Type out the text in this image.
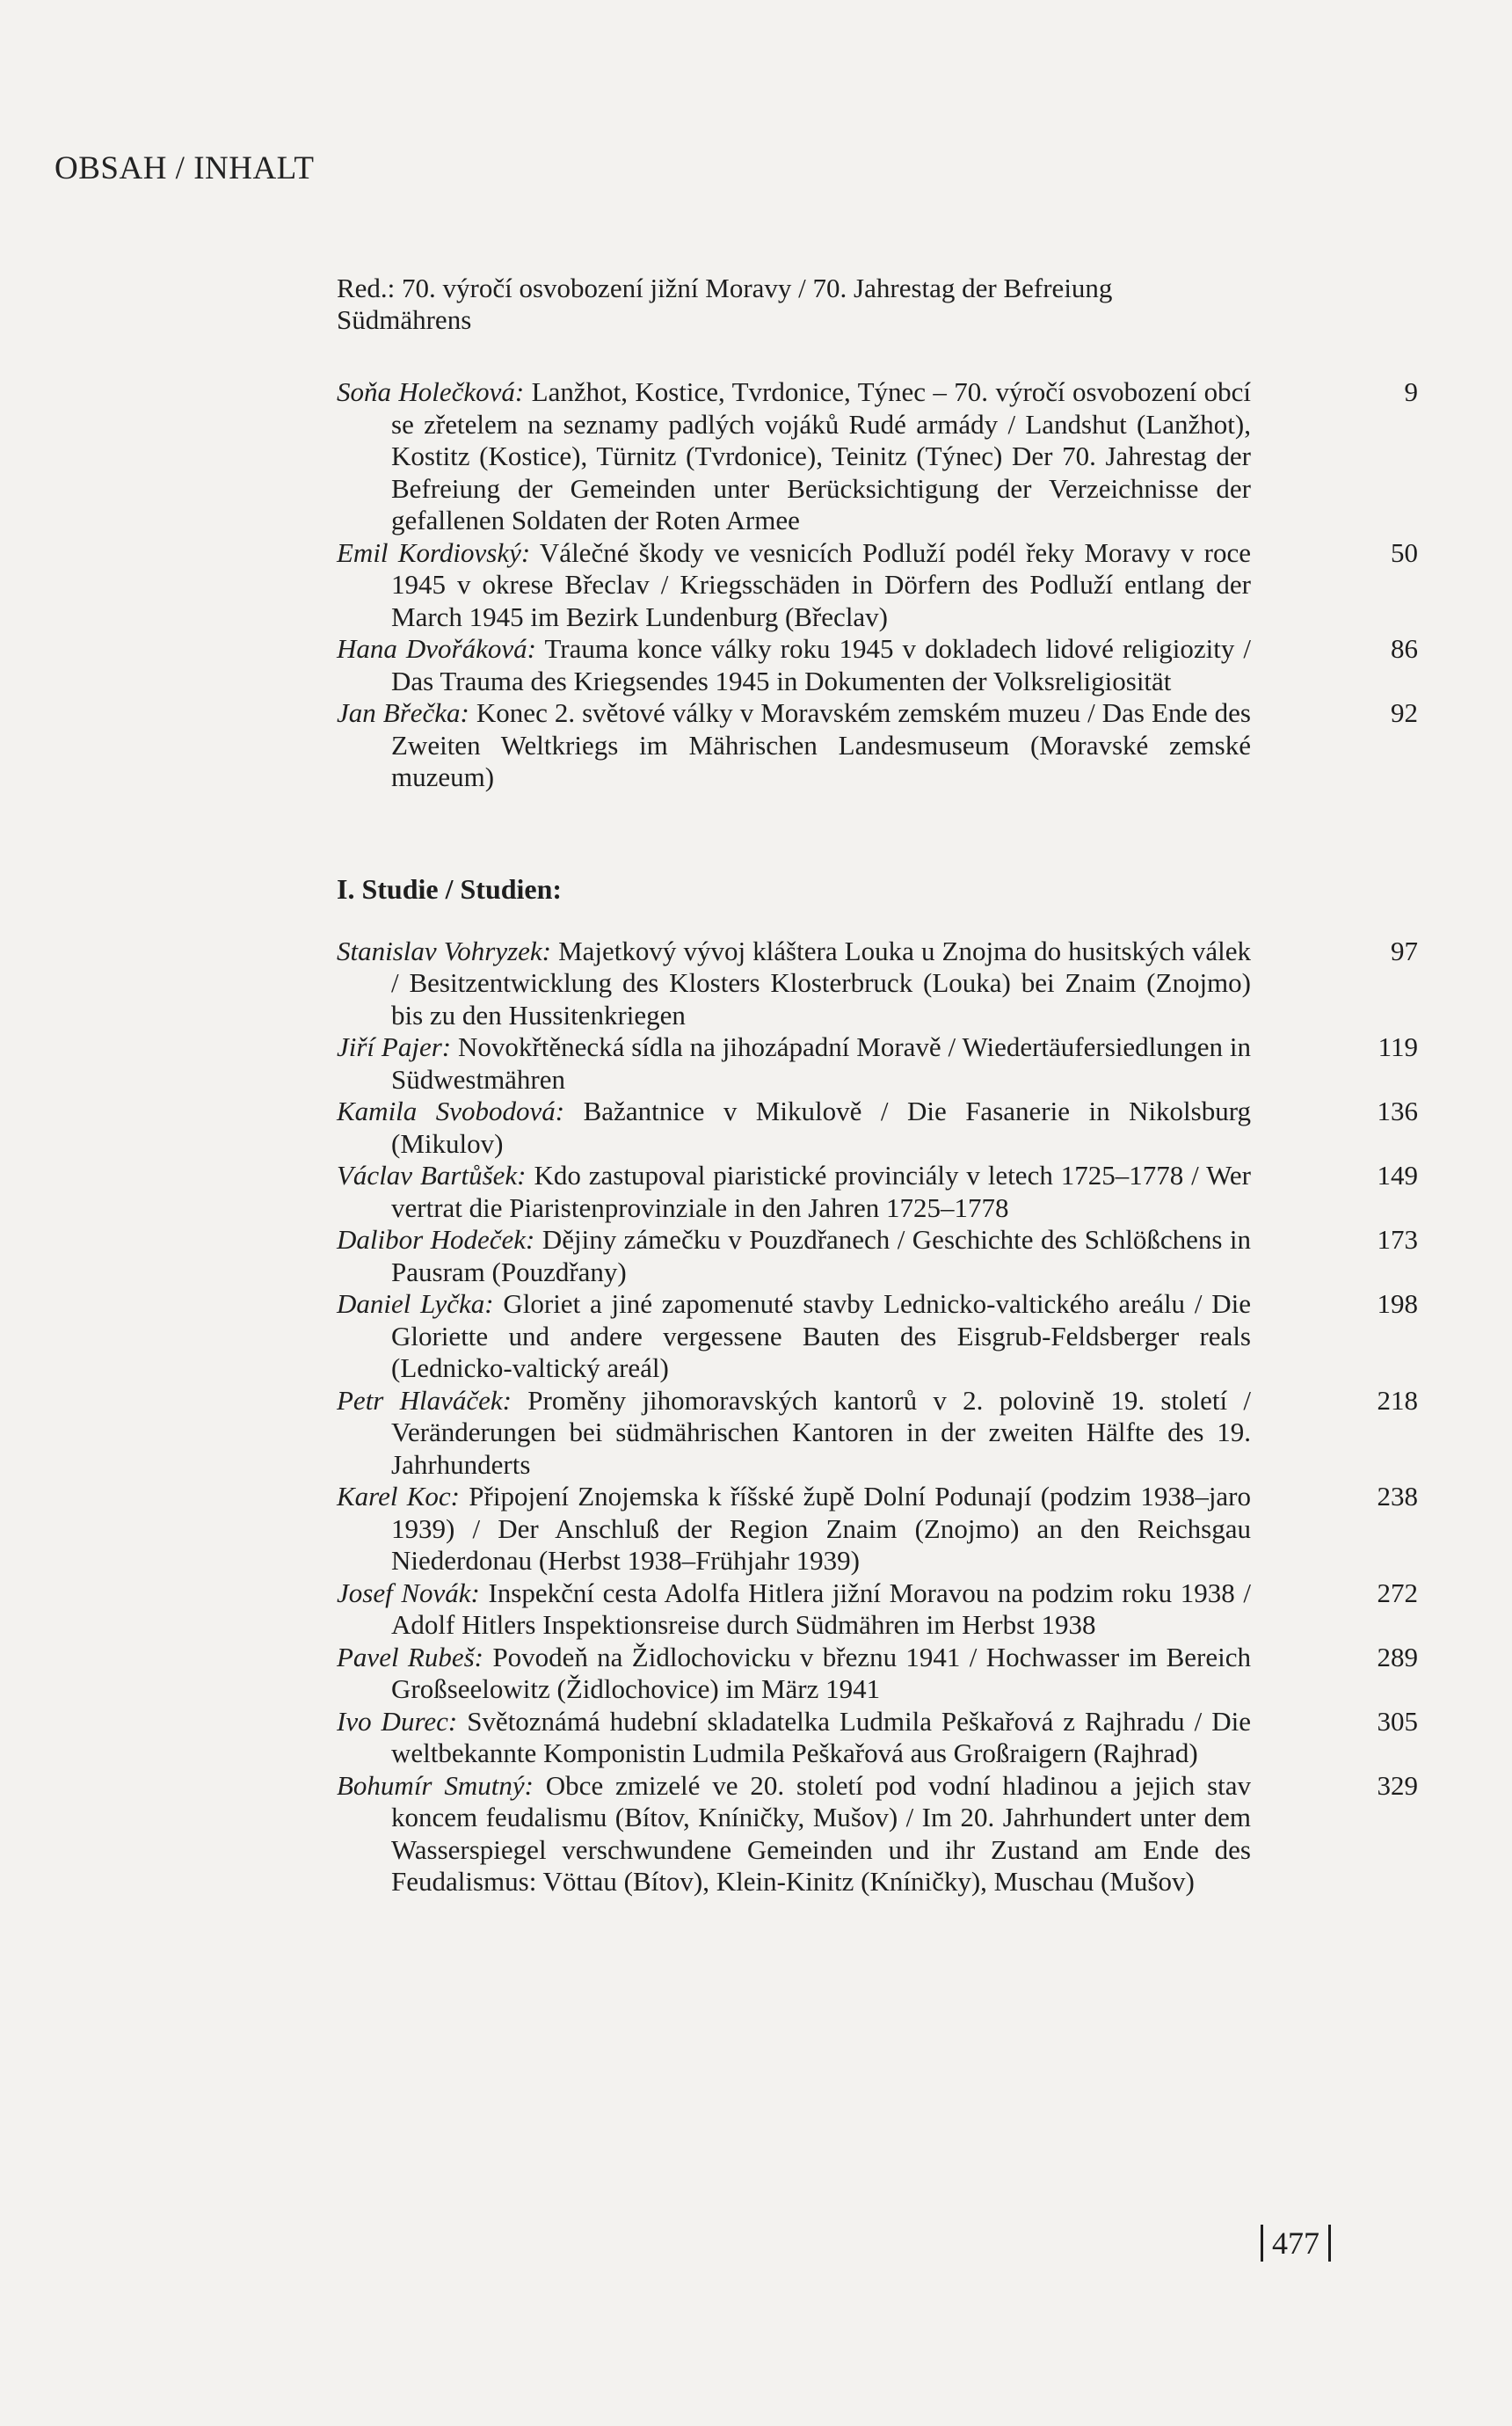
OBSAH / INHALT
Red.: 70. výročí osvobození jižní Moravy / 70. Jahrestag der Befreiung Südmährens
Soňa Holečková: Lanžhot, Kostice, Tvrdonice, Týnec – 70. výročí osvobození obcí se zřetelem na seznamy padlých vojáků Rudé armády / Landshut (Lanžhot), Kostitz (Kostice), Türnitz (Tvrdonice), Teinitz (Týnec) Der 70. Jahrestag der Befreiung der Gemeinden unter Berücksichtigung der Verzeichnisse der gefallenen Soldaten der Roten Armee
9
Emil Kordiovský: Válečné škody ve vesnicích Podluží podél řeky Moravy v roce 1945 v okrese Břeclav / Kriegsschäden in Dörfern des Podluží entlang der March 1945 im Bezirk Lundenburg (Břeclav)
50
Hana Dvořáková: Trauma konce války roku 1945 v dokladech lidové religiozity / Das Trauma des Kriegsendes 1945 in Dokumenten der Volksreligiosität
86
Jan Břečka: Konec 2. světové války v Moravském zemském muzeu / Das Ende des Zweiten Weltkriegs im Mährischen Landesmuseum (Moravské zemské muzeum)
92
I. Studie / Studien:
Stanislav Vohryzek: Majetkový vývoj kláštera Louka u Znojma do husitských válek / Besitzentwicklung des Klosters Klosterbruck (Louka) bei Znaim (Znojmo) bis zu den Hussitenkriegen
97
Jiří Pajer: Novokřtěnecká sídla na jihozápadní Moravě / Wiedertäufersiedlungen in Südwestmähren
119
Kamila Svobodová: Bažantnice v Mikulově / Die Fasanerie in Nikolsburg (Mikulov)
136
Václav Bartůšek: Kdo zastupoval piaristické provinciály v letech 1725–1778 / Wer vertrat die Piaristenprovinziale in den Jahren 1725–1778
149
Dalibor Hodeček: Dějiny zámečku v Pouzdřanech / Geschichte des Schlößchens in Pausram (Pouzdřany)
173
Daniel Lyčka: Gloriet a jiné zapomenuté stavby Lednicko-valtického areálu / Die Gloriette und andere vergessene Bauten des Eisgrub-Feldsberger reals (Lednicko-valtický areál)
198
Petr Hlaváček: Proměny jihomoravských kantorů v 2. polovině 19. století / Veränderungen bei südmährischen Kantoren in der zweiten Hälfte des 19. Jahrhunderts
218
Karel Koc: Připojení Znojemska k říšské župě Dolní Podunají (podzim 1938–jaro 1939) / Der Anschluß der Region Znaim (Znojmo) an den Reichsgau Niederdonau (Herbst 1938–Frühjahr 1939)
238
Josef Novák: Inspekční cesta Adolfa Hitlera jižní Moravou na podzim roku 1938 / Adolf Hitlers Inspektionsreise durch Südmähren im Herbst 1938
272
Pavel Rubeš: Povodeň na Židlochovicku v březnu 1941 / Hochwasser im Bereich Großseelowitz (Židlochovice) im März 1941
289
Ivo Durec: Světoznámá hudební skladatelka Ludmila Peškařová z Rajhradu / Die weltbekannte Komponistin Ludmila Peškařová aus Großraigern (Rajhrad)
305
Bohumír Smutný: Obce zmizelé ve 20. století pod vodní hladinou a jejich stav koncem feudalismu (Bítov, Kníničky, Mušov) / Im 20. Jahrhundert unter dem Wasserspiegel verschwundene Gemeinden und ihr Zustand am Ende des Feudalismus: Vöttau (Bítov), Klein-Kinitz (Kníničky), Muschau (Mušov)
329
477
